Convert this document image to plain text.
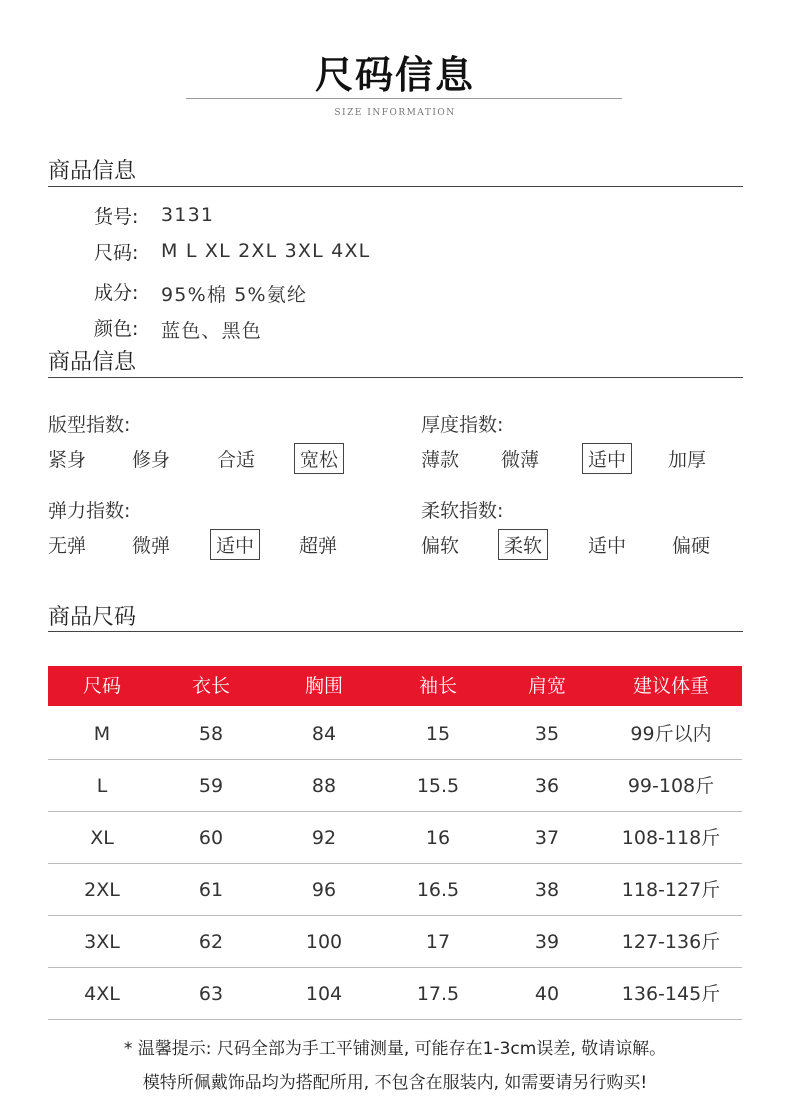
尺码信息
SIZE INFORMATION
商品信息
货号: 3131
尺码: M L XL 2XL 3XL 4XL
成分: 95%棉 5%氨纶
颜色: 蓝色、黑色
商品信息
版型指数:
紧身 修身 合适	宽松
厚度指数:
薄款 微薄	适中	加厚
弹力指数:
无弹 微弹	适中	超弹
柔软指数:
偏软	柔软	适中 偏硬
商品尺码
尺码	衣长	胸围	袖长	肩宽	建议体重
M	58	84	15	35	99斤以内
L	59	88	15.5	36	99-108斤
XL	60	92	16	37	108-118斤
2XL	61	96	16.5	38	118-127斤
3XL	62	100	17	39	127-136斤
4XL	63	104	17.5	40	136-145斤
* 温馨提示: 尺码全部为手工平铺测量, 可能存在1-3cm误差, 敬请谅解。
模特所佩戴饰品均为搭配所用, 不包含在服装内, 如需要请另行购买!
